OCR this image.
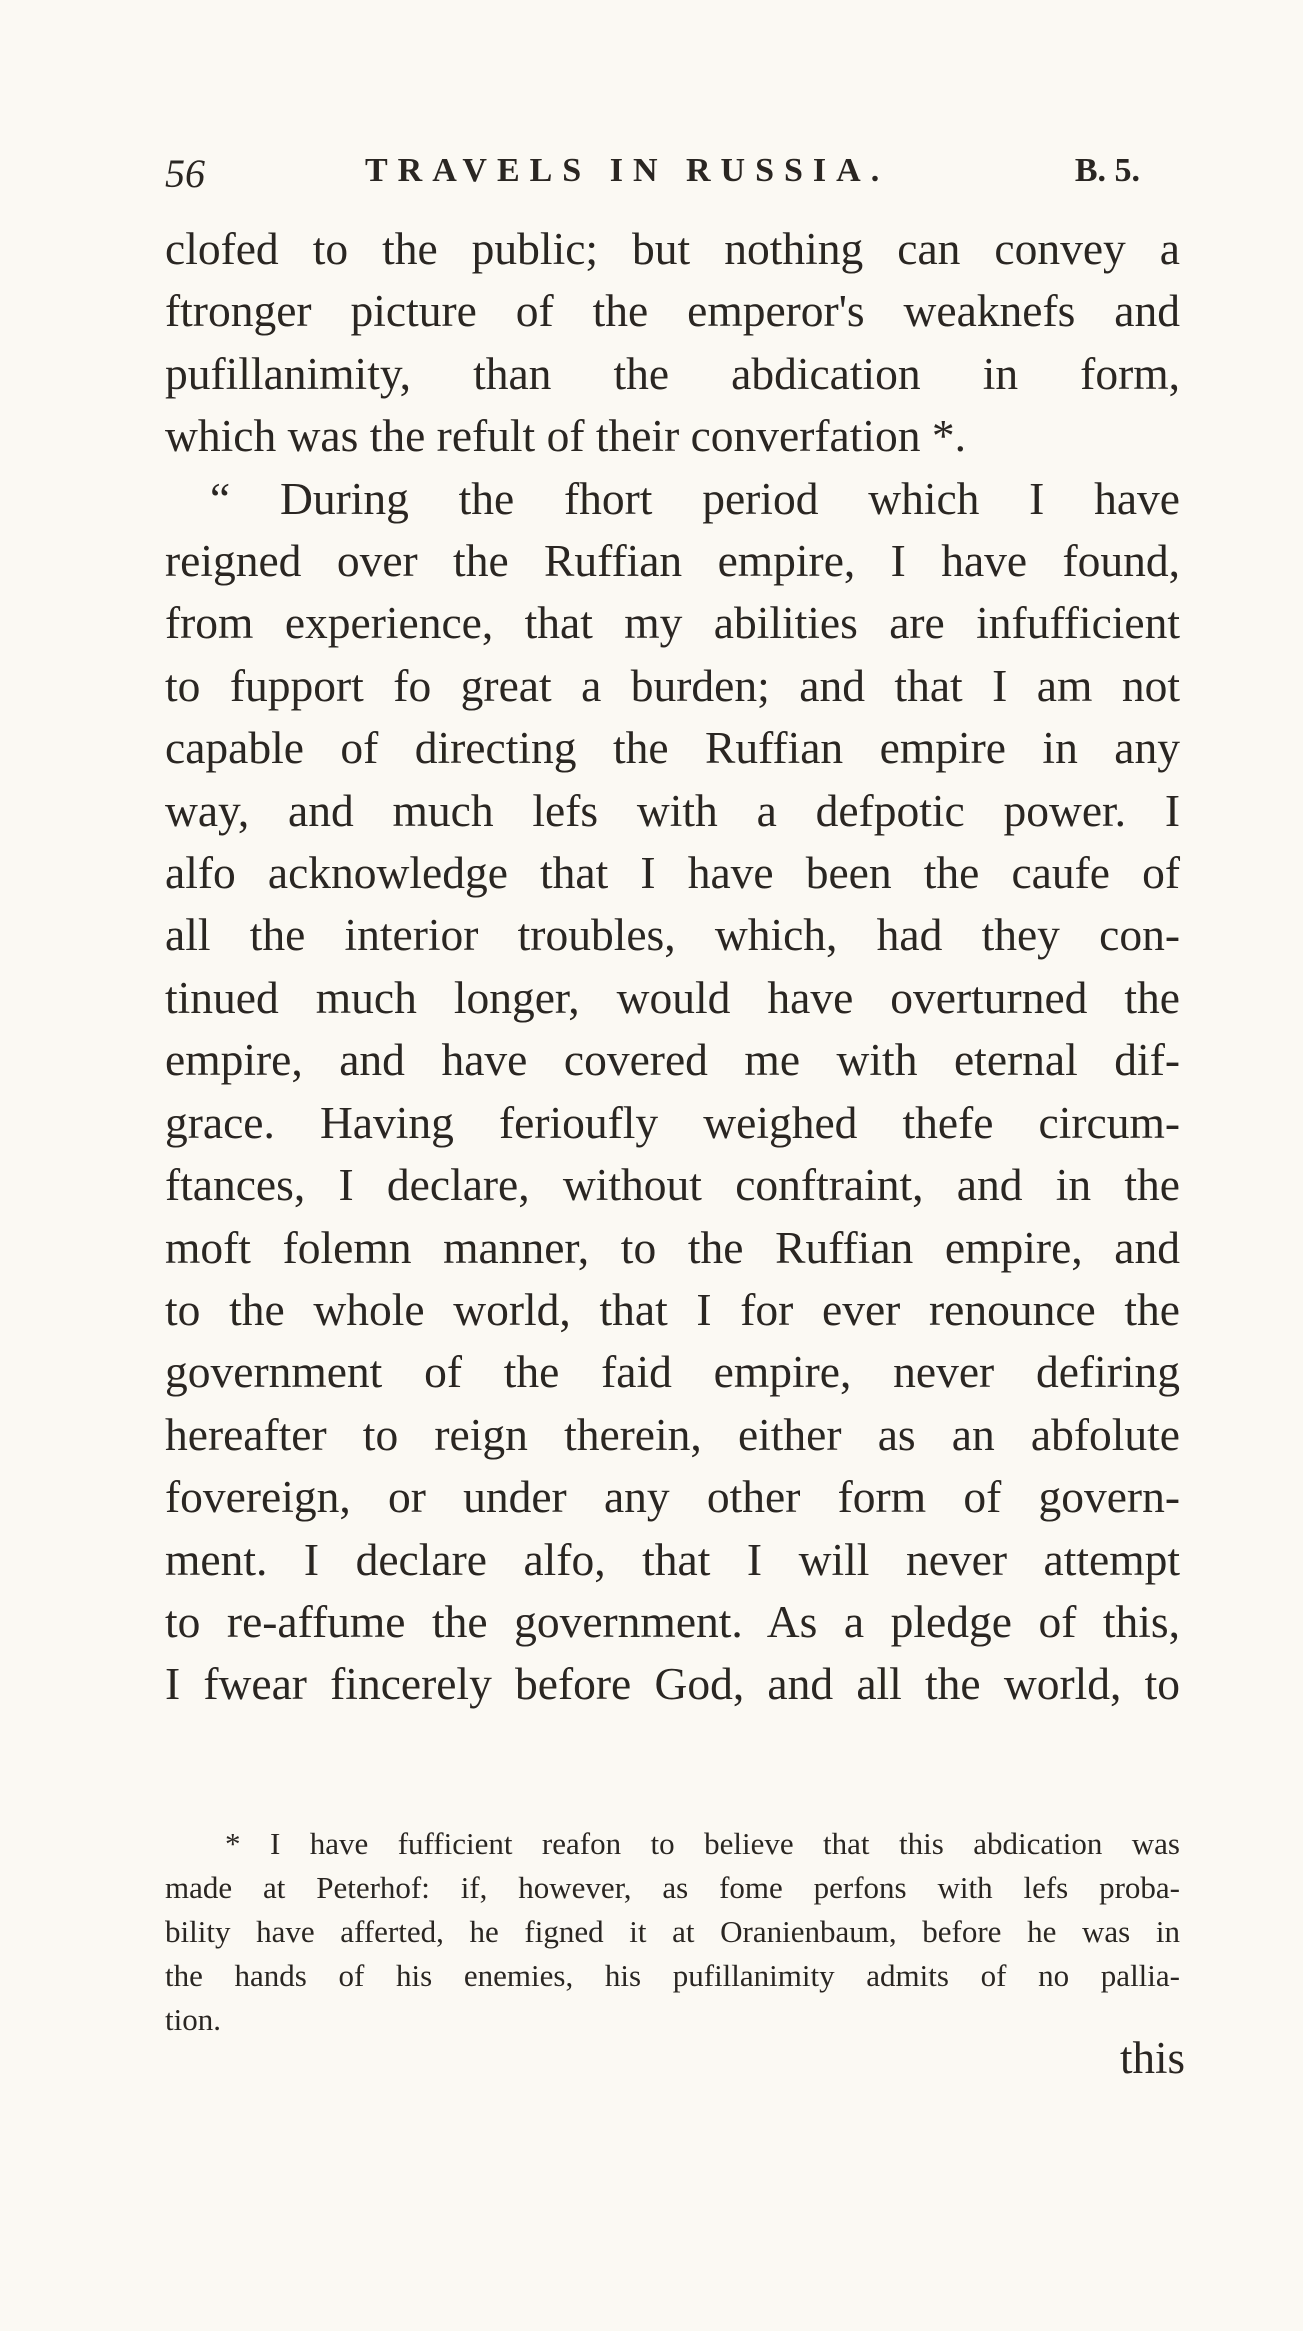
56	TRAVELS IN RUSSIA.	B. 5.
clofed to the public; but nothing can convey a
ftronger picture of the emperor's weaknefs and
pufillanimity, than the abdication in form,
which was the refult of their converfation *.
“ During the fhort period which I have
reigned over the Ruffian empire, I have found,
from experience, that my abilities are infufficient
to fupport fo great a burden; and that I am not
capable of directing the Ruffian empire in any
way, and much lefs with a defpotic power. I
alfo acknowledge that I have been the caufe of
all the interior troubles, which, had they con-
tinued much longer, would have overturned the
empire, and have covered me with eternal dif-
grace. Having ferioufly weighed thefe circum-
ftances, I declare, without conftraint, and in the
moft folemn manner, to the Ruffian empire, and
to the whole world, that I for ever renounce the
government of the faid empire, never defiring
hereafter to reign therein, either as an abfolute
fovereign, or under any other form of govern-
ment. I declare alfo, that I will never attempt
to re-affume the government. As a pledge of this,
I fwear fincerely before God, and all the world, to
* I have fufficient reafon to believe that this abdication was
made at Peterhof: if, however, as fome perfons with lefs proba-
bility have afferted, he figned it at Oranienbaum, before he was in
the hands of his enemies, his pufillanimity admits of no pallia-
tion.
this
